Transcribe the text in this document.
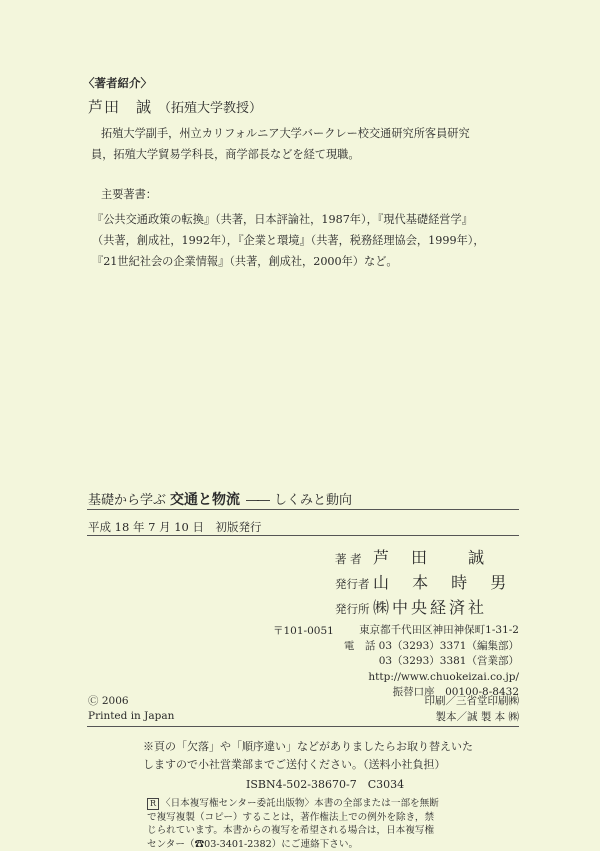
〈著者紹介〉
芦田　誠 （拓殖大学教授）
拓殖大学副手，州立カリフォルニア大学バークレー校交通研究所客員研究
員，拓殖大学貿易学科長，商学部長などを経て現職。
主要著書：
『公共交通政策の転換』（共著，日本評論社，1987年），『現代基礎経営学』
（共著，創成社，1992年），『企業と環境』（共著，税務経理協会，1999年），
『21世紀社会の企業情報』（共著，創成社，2000年）など。
基礎から学ぶ 交通と物流 ―― しくみと動向
平成 18 年 7 月 10 日　初版発行
著 者 芦　田　　誠
発行者 山 本 時 男
発行所 ㈱中央経済社
〒101-0051	東京都千代田区神田神保町1-31-2
電　話 03（3293）3371（編集部）
03（3293）3381（営業部）
http://www.chuokeizai.co.jp/
振替口座　00100-8-8432
Ⓒ 2006
Printed in Japan
印刷／三省堂印刷㈱
製本／誠 製 本 ㈱
※頁の「欠落」や「順序違い」などがありましたらお取り替えいた
しますので小社営業部までご送付ください。（送料小社負担）
ISBN4-502-38670-7　C3034
R 〈日本複写権センター委託出版物〉本書の全部または一部を無断
で複写複製（コピー）することは，著作権法上での例外を除き，禁
じられています。本書からの複写を希望される場合は，日本複写権
センター（☎03-3401-2382）にご連絡下さい。
